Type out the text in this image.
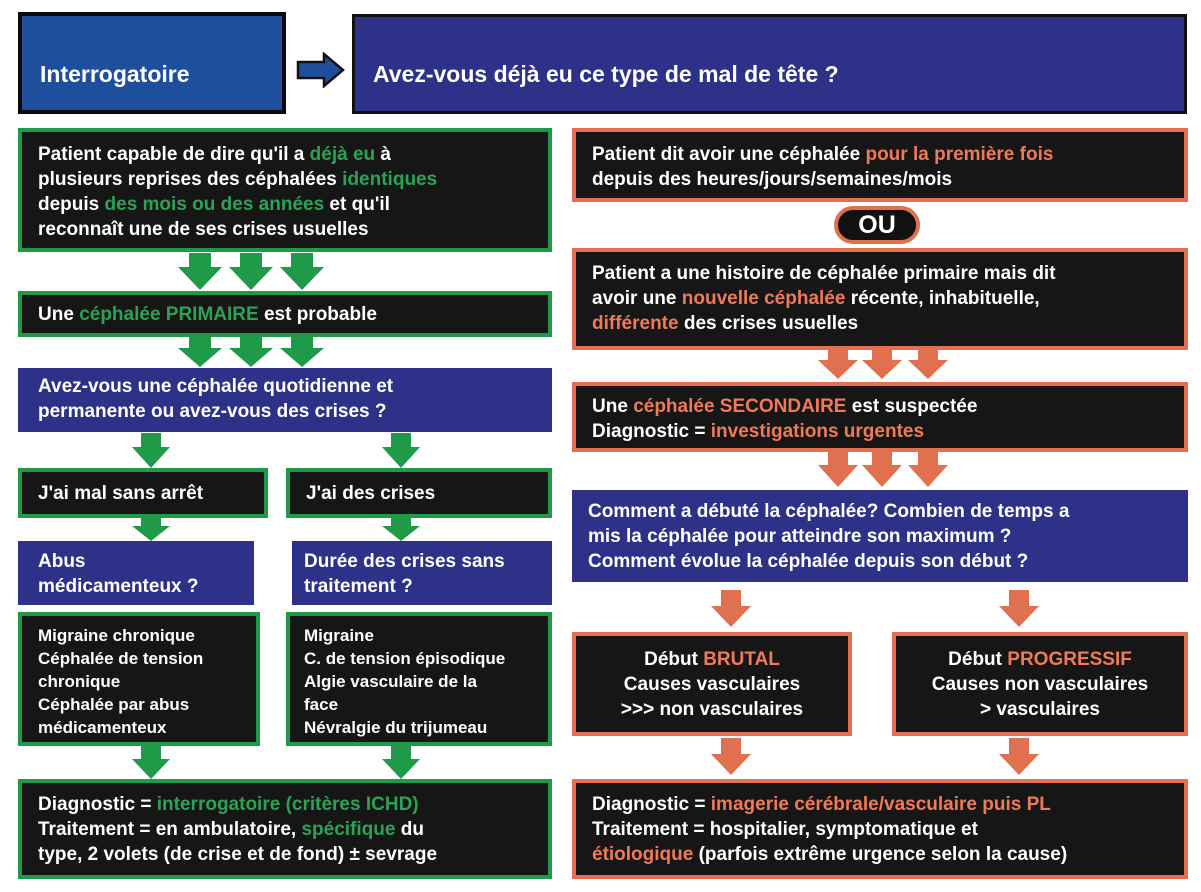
Interrogatoire	Avez-vous déjà eu ce type de mal de tête ?

Patient capable de dire qu'il a déjà eu à

plusieurs reprises des céphalées identiques

depuis des mois ou des années et qu'il

reconnaît une de ses crises usuelles

Une céphalée PRIMAIRE est probable

Avez-vous une céphalée quotidienne et

permanente ou avez-vous des crises ?

J'ai mal sans arrêt	J'ai des crises

Abus

médicamenteux ?

Durée des crises sans

traitement ?

Migraine chronique

Céphalée de tension

chronique

Céphalée par abus

médicamenteux

Migraine

C. de tension épisodique

Algie vasculaire de la

face

Névralgie du trijumeau

Diagnostic = interrogatoire (critères ICHD)

Traitement = en ambulatoire, spécifique du

type, 2 volets (de crise et de fond) ± sevrage

Patient dit avoir une céphalée pour la première fois

depuis des heures/jours/semaines/mois

OU

Patient a une histoire de céphalée primaire mais dit

avoir une nouvelle céphalée récente, inhabituelle,

différente des crises usuelles

Une céphalée SECONDAIRE est suspectée

Diagnostic = investigations urgentes

Comment a débuté la céphalée? Combien de temps a

mis la céphalée pour atteindre son maximum ?

Comment évolue la céphalée depuis son début ?

Début BRUTAL

Causes vasculaires

>>> non vasculaires

Début PROGRESSIF

Causes non vasculaires

> vasculaires

Diagnostic = imagerie cérébrale/vasculaire puis PL

Traitement = hospitalier, symptomatique et

étiologique (parfois extrême urgence selon la cause)
